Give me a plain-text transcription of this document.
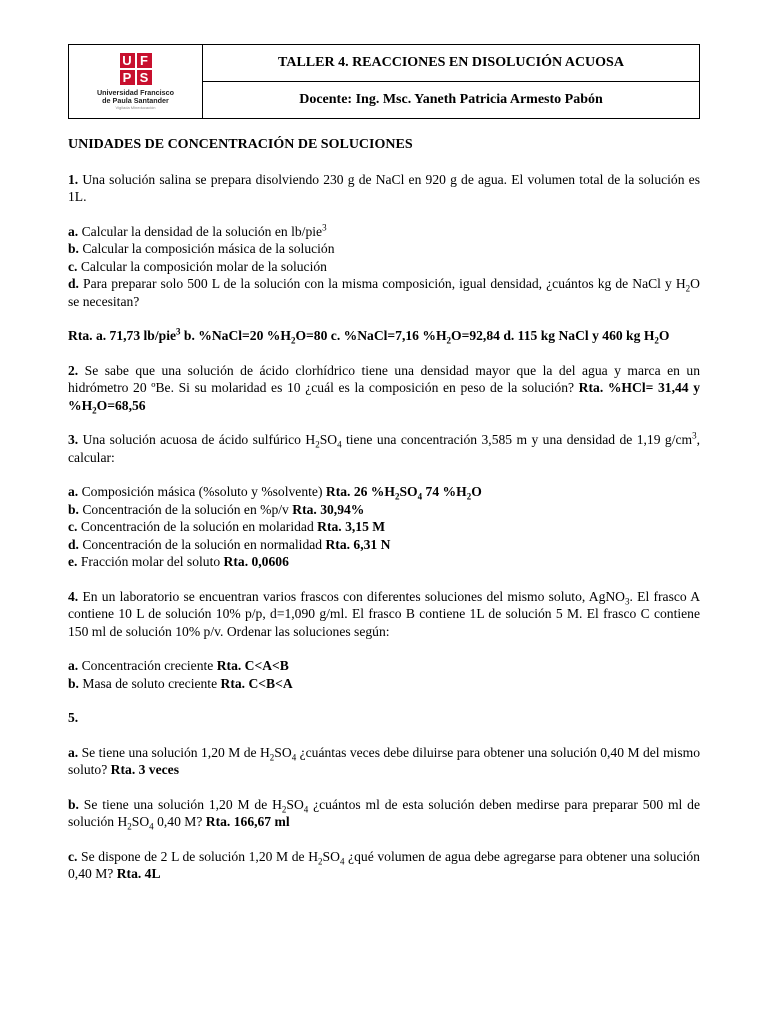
U F
P S
Universidad Francisco
de Paula Santander
Vigilada Mineducación
TALLER 4. REACCIONES EN DISOLUCIÓN ACUOSA
Docente: Ing. Msc. Yaneth Patricia Armesto Pabón
UNIDADES DE CONCENTRACIÓN DE SOLUCIONES
1. Una solución salina se prepara disolviendo 230 g de NaCl en 920 g de agua. El volumen total de la solución es 1L.
a. Calcular la densidad de la solución en lb/pie$^3$
b. Calcular la composición másica de la solución
c. Calcular la composición molar de la solución
d. Para preparar solo 500 L de la solución con la misma composición, igual densidad, ¿cuántos kg de NaCl y $H_2O$ se necesitan?
Rta. a. 71,73 lb/pie$^3$ b. %NaCl=20 $\%H_2O=80$ c. %NaCl=7,16 $\%H_2O=92,84$ d. 115 kg NaCl y 460 kg $H_2O$
2. Se sabe que una solución de ácido clorhídrico tiene una densidad mayor que la del agua y marca en un hidrómetro 20 ºBe. Si su molaridad es 10 ¿cuál es la composición en peso de la solución? Rta. %HCl= 31,44 y $\%H_2O=68,56$
3. Una solución acuosa de ácido sulfúrico $H_2SO_4$ tiene una concentración 3,585 m y una densidad de 1,19 $g/cm^3$, calcular:
a. Composición másica (%soluto y %solvente) Rta. 26 $\%H_2SO_4$ 74 $\%H_2O$
b. Concentración de la solución en %p/v Rta. 30,94%
c. Concentración de la solución en molaridad Rta. 3,15 M
d. Concentración de la solución en normalidad Rta. 6,31 N
e. Fracción molar del soluto Rta. 0,0606
4. En un laboratorio se encuentran varios frascos con diferentes soluciones del mismo soluto, AgNO$_3$. El frasco A contiene 10 L de solución 10% p/p, d=1,090 g/ml. El frasco B contiene 1L de solución 5 M. El frasco C contiene 150 ml de solución 10% p/v. Ordenar las soluciones según:
a. Concentración creciente Rta. C<A<B
b. Masa de soluto creciente Rta. C<B<A
5.
a. Se tiene una solución 1,20 M de $H_2SO_4$ ¿cuántas veces debe diluirse para obtener una solución 0,40 M del mismo soluto? Rta. 3 veces
b. Se tiene una solución 1,20 M de $H_2SO_4$ ¿cuántos ml de esta solución deben medirse para preparar 500 ml de solución $H_2SO_4$ 0,40 M? Rta. 166,67 ml
c. Se dispone de 2 L de solución 1,20 M de $H_2SO_4$ ¿qué volumen de agua debe agregarse para obtener una solución 0,40 M? Rta. 4L
